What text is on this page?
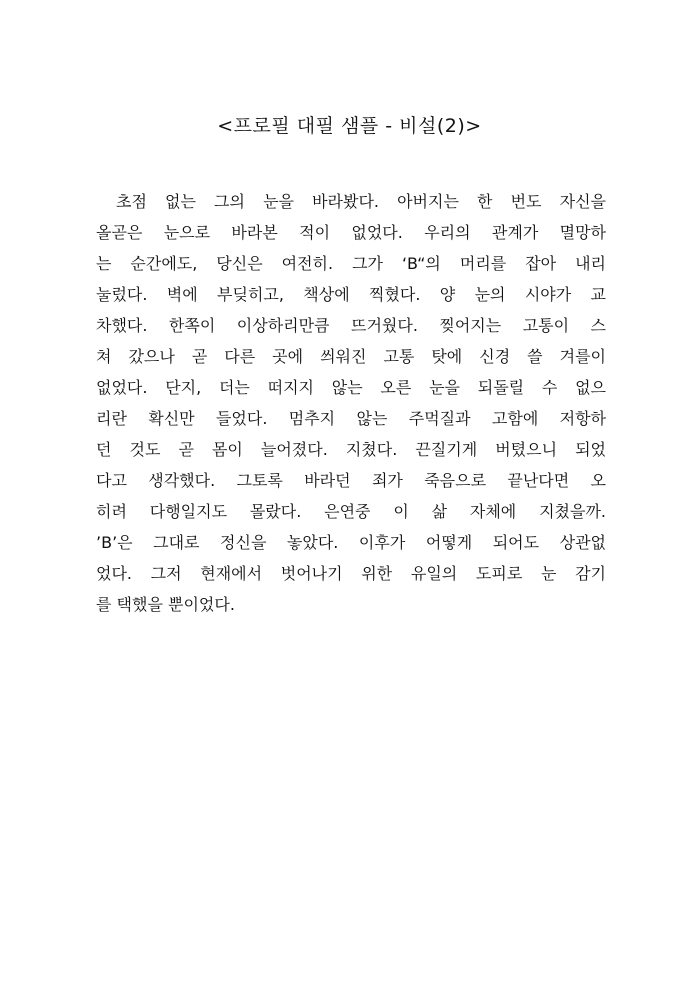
<프로필 대필 샘플 - 비설(2)>
초점 없는 그의 눈을 바라봤다. 아버지는 한 번도 자신을
올곧은 눈으로 바라본 적이 없었다. 우리의 관계가 멸망하
는 순간에도, 당신은 여전히. 그가 ‘B“의 머리를 잡아 내리
눌렀다. 벽에 부딪히고, 책상에 찍혔다. 양 눈의 시야가 교
차했다. 한쪽이 이상하리만큼 뜨거웠다. 찢어지는 고통이 스
쳐 갔으나 곧 다른 곳에 씌워진 고통 탓에 신경 쓸 겨를이
없었다. 단지, 더는 떠지지 않는 오른 눈을 되돌릴 수 없으
리란 확신만 들었다. 멈추지 않는 주먹질과 고함에 저항하
던 것도 곧 몸이 늘어졌다. 지쳤다. 끈질기게 버텼으니 되었
다고 생각했다. 그토록 바라던 죄가 죽음으로 끝난다면 오
히려 다행일지도 몰랐다. 은연중 이 삶 자체에 지쳤을까.
’B’은 그대로 정신을 놓았다. 이후가 어떻게 되어도 상관없
었다. 그저 현재에서 벗어나기 위한 유일의 도피로 눈 감기
를 택했을 뿐이었다.
